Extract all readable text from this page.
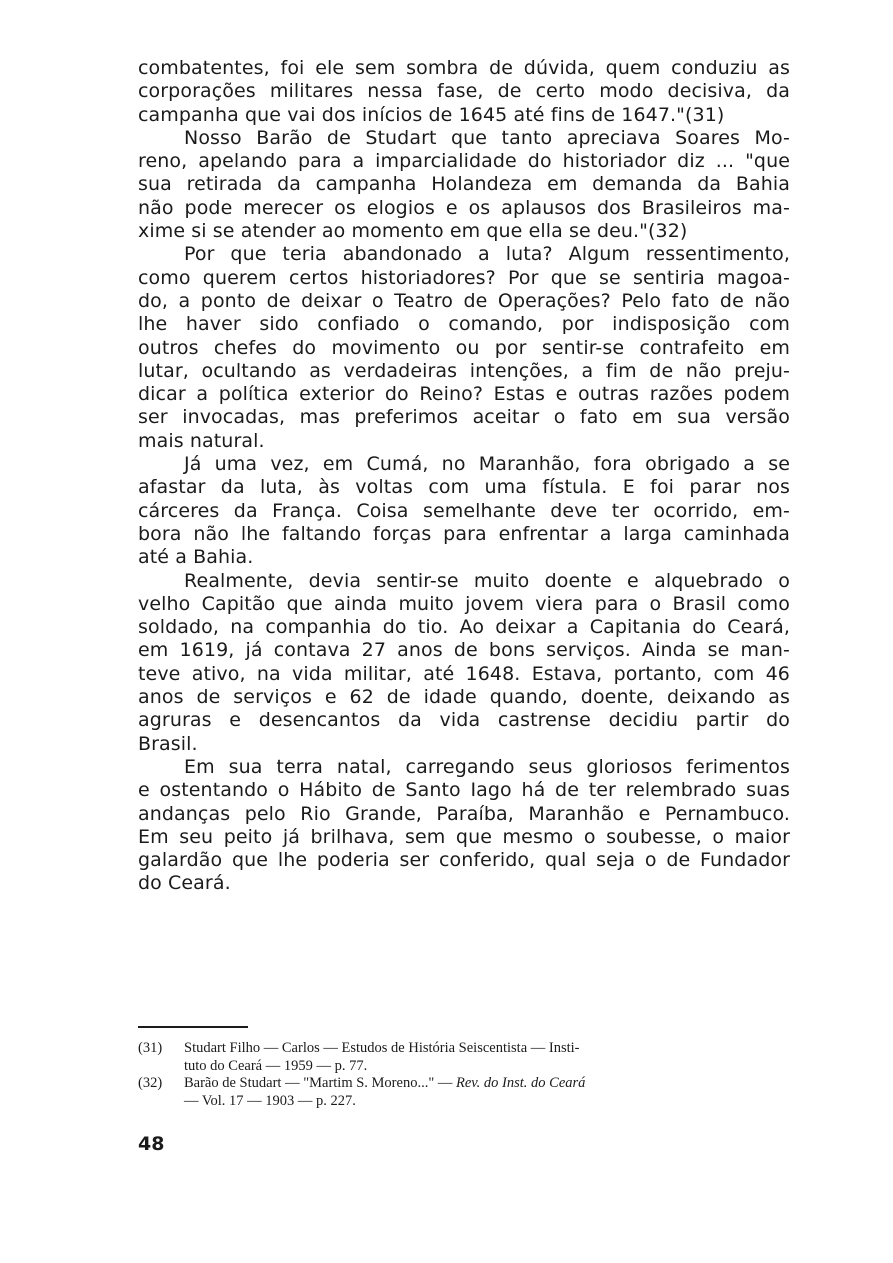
combatentes, foi ele sem sombra de dúvida, quem conduziu as
corporações militares nessa fase, de certo modo decisiva, da
campanha que vai dos inícios de 1645 até fins de 1647."(31)
Nosso Barão de Studart que tanto apreciava Soares Mo-
reno, apelando para a imparcialidade do historiador diz ... "que
sua retirada da campanha Holandeza em demanda da Bahia
não pode merecer os elogios e os aplausos dos Brasileiros ma-
xime si se atender ao momento em que ella se deu."(32)
Por que teria abandonado a luta? Algum ressentimento,
como querem certos historiadores? Por que se sentiria magoa-
do, a ponto de deixar o Teatro de Operações? Pelo fato de não
lhe haver sido confiado o comando, por indisposição com
outros chefes do movimento ou por sentir-se contrafeito em
lutar, ocultando as verdadeiras intenções, a fim de não preju-
dicar a política exterior do Reino? Estas e outras razões podem
ser invocadas, mas preferimos aceitar o fato em sua versão
mais natural.
Já uma vez, em Cumá, no Maranhão, fora obrigado a se
afastar da luta, às voltas com uma fístula. E foi parar nos
cárceres da França. Coisa semelhante deve ter ocorrido, em-
bora não lhe faltando forças para enfrentar a larga caminhada
até a Bahia.
Realmente, devia sentir-se muito doente e alquebrado o
velho Capitão que ainda muito jovem viera para o Brasil como
soldado, na companhia do tio. Ao deixar a Capitania do Ceará,
em 1619, já contava 27 anos de bons serviços. Ainda se man-
teve ativo, na vida militar, até 1648. Estava, portanto, com 46
anos de serviços e 62 de idade quando, doente, deixando as
agruras e desencantos da vida castrense decidiu partir do
Brasil.
Em sua terra natal, carregando seus gloriosos ferimentos
e ostentando o Hábito de Santo Iago há de ter relembrado suas
andanças pelo Rio Grande, Paraíba, Maranhão e Pernambuco.
Em seu peito já brilhava, sem que mesmo o soubesse, o maior
galardão que lhe poderia ser conferido, qual seja o de Fundador
do Ceará.
(31) Studart Filho — Carlos — Estudos de História Seiscentista — Insti-
tuto do Ceará — 1959 — p. 77.
(32) Barão de Studart — "Martim S. Moreno..." — Rev. do Inst. do Ceará
— Vol. 17 — 1903 — p. 227.
48
